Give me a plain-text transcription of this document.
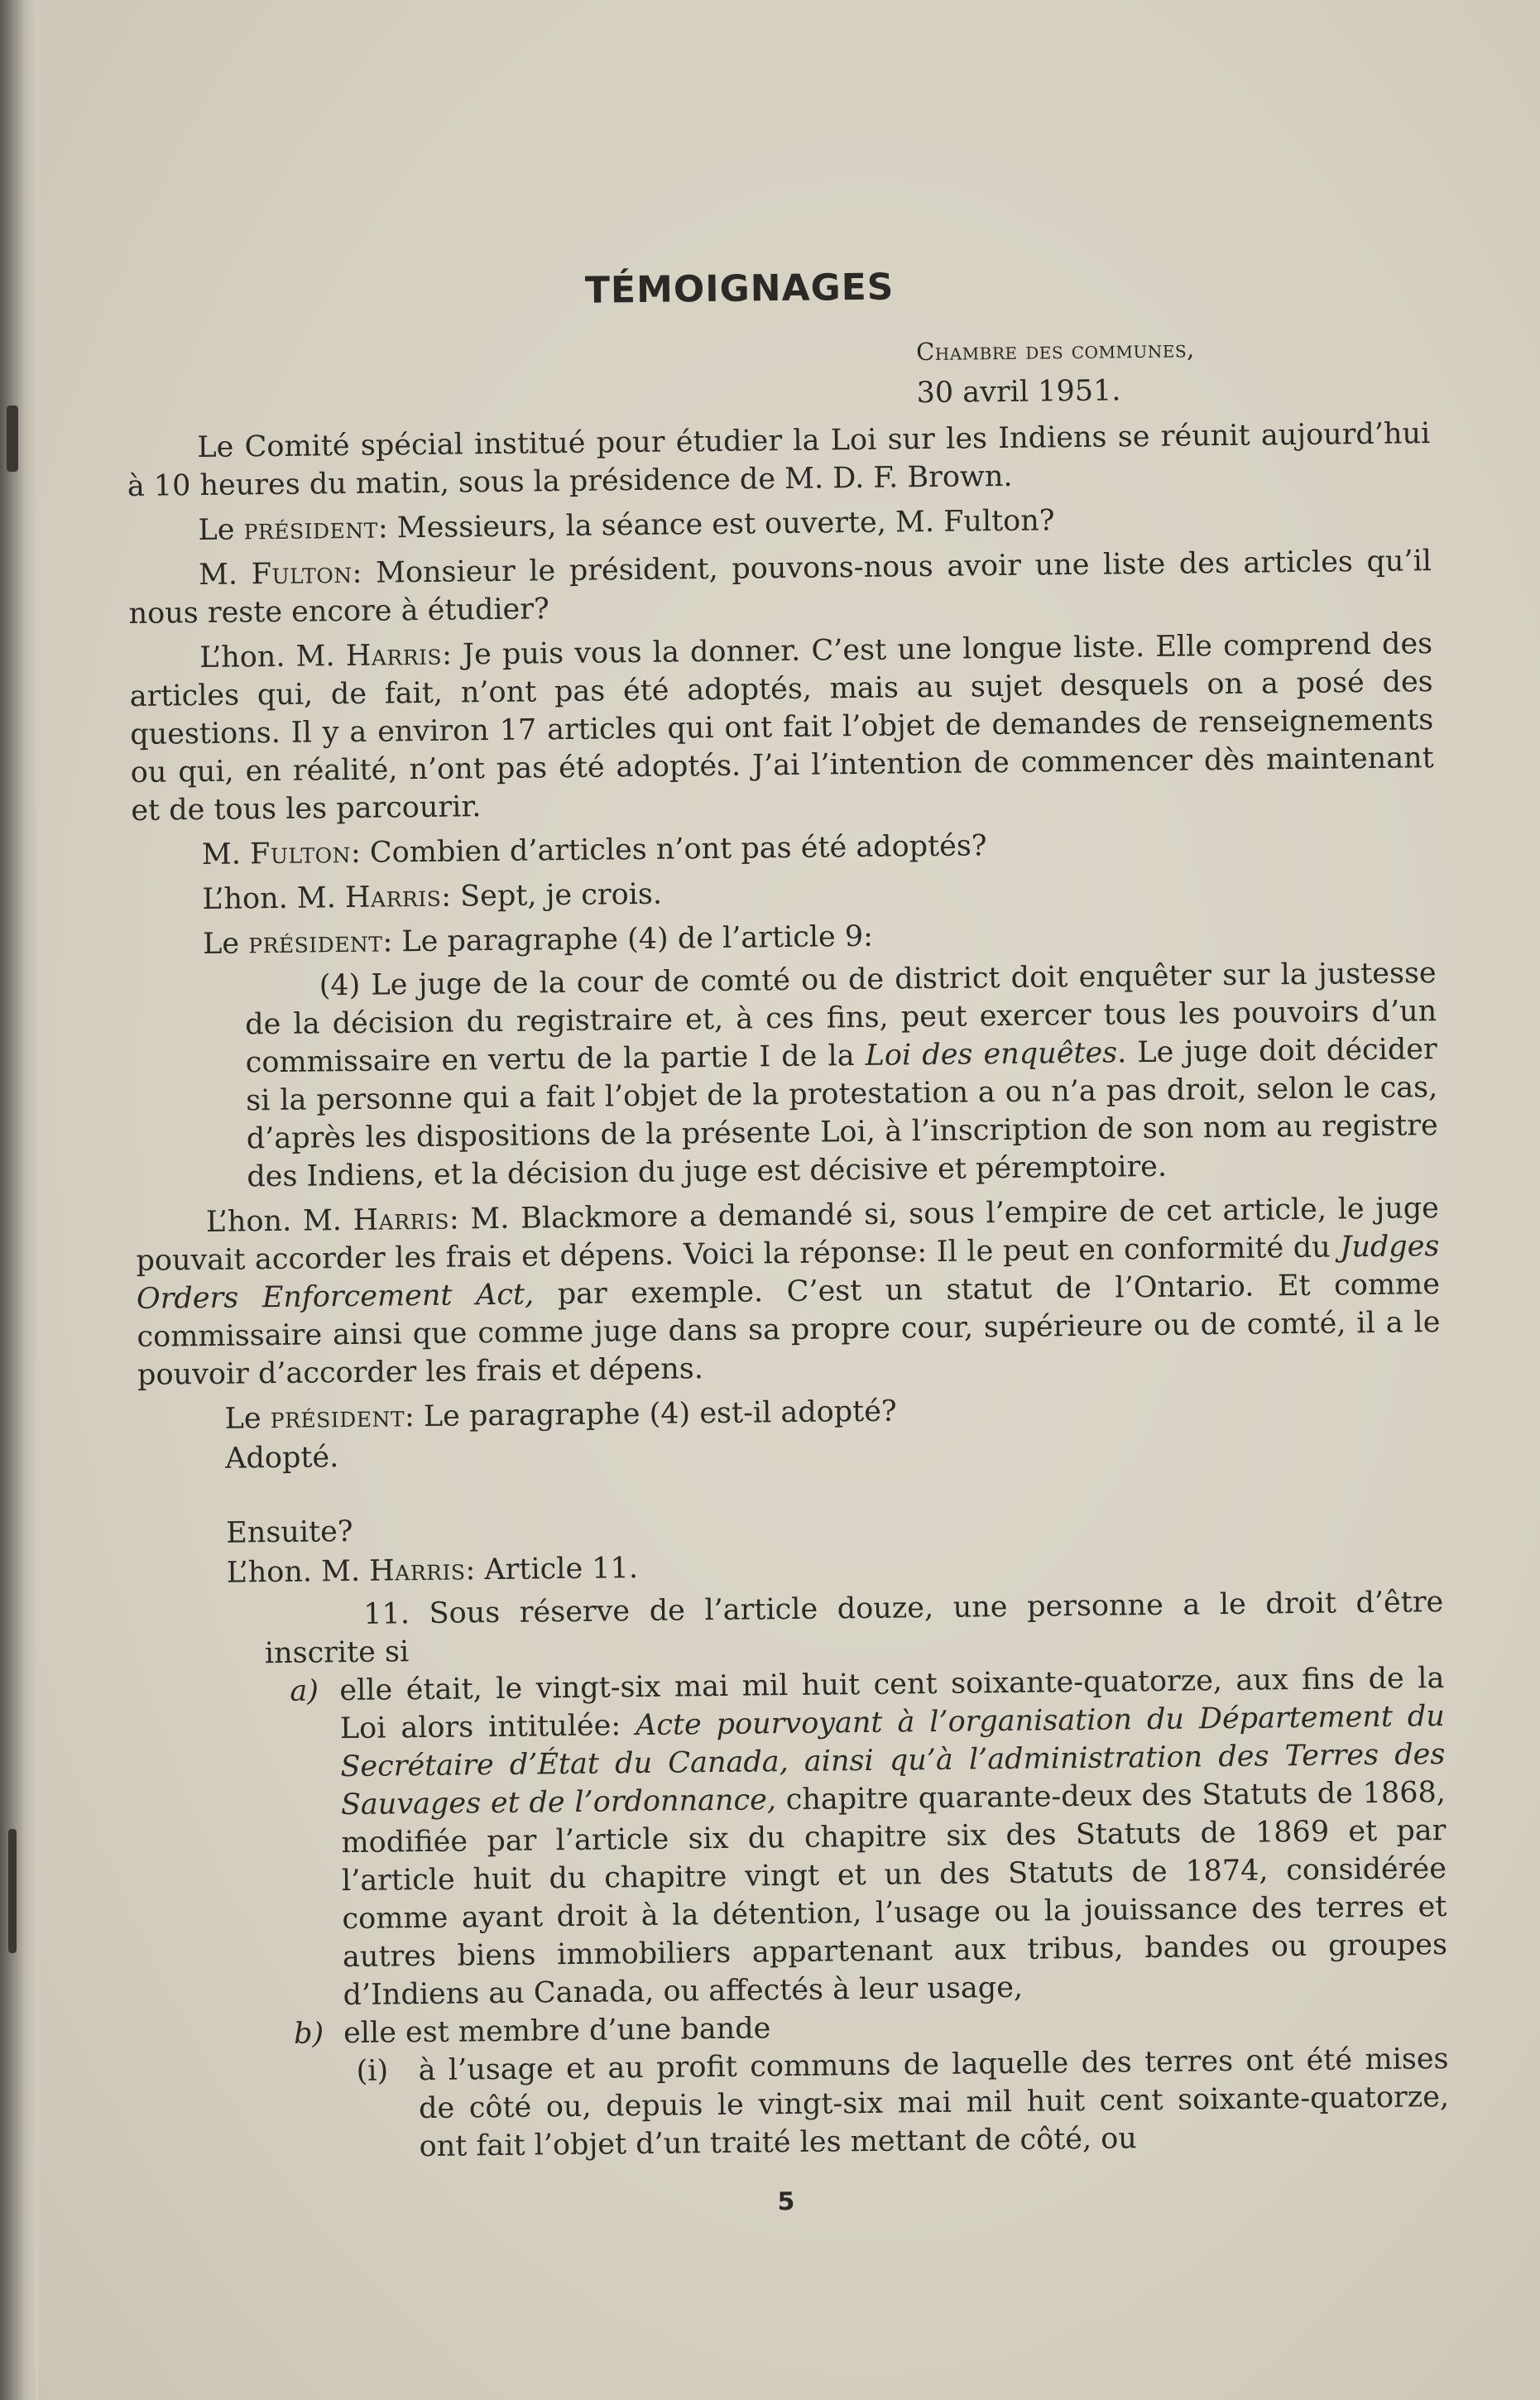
TÉMOIGNAGES
Chambre des communes,
30 avril 1951.

Le Comité spécial institué pour étudier la Loi sur les Indiens se réunit aujourd’hui à 10 heures du matin, sous la présidence de M. D. F. Brown.

Le président: Messieurs, la séance est ouverte, M. Fulton?

M. Fulton: Monsieur le président, pouvons-nous avoir une liste des articles qu’il nous reste encore à étudier?

L’hon. M. Harris: Je puis vous la donner. C’est une longue liste. Elle comprend des articles qui, de fait, n’ont pas été adoptés, mais au sujet desquels on a posé des questions. Il y a environ 17 articles qui ont fait l’objet de demandes de renseignements ou qui, en réalité, n’ont pas été adoptés. J’ai l’intention de commencer dès maintenant et de tous les parcourir.

M. Fulton: Combien d’articles n’ont pas été adoptés?

L’hon. M. Harris: Sept, je crois.

Le président: Le paragraphe (4) de l’article 9:

(4) Le juge de la cour de comté ou de district doit enquêter sur la justesse de la décision du registraire et, à ces fins, peut exercer tous les pouvoirs d’un commissaire en vertu de la partie I de la Loi des enquêtes. Le juge doit décider si la personne qui a fait l’objet de la protestation a ou n’a pas droit, selon le cas, d’après les dispositions de la présente Loi, à l’inscription de son nom au registre des Indiens, et la décision du juge est décisive et péremptoire.

L’hon. M. Harris: M. Blackmore a demandé si, sous l’empire de cet article, le juge pouvait accorder les frais et dépens. Voici la réponse: Il le peut en conformité du Judges Orders Enforcement Act, par exemple. C’est un statut de l’Ontario. Et comme commissaire ainsi que comme juge dans sa propre cour, supérieure ou de comté, il a le pouvoir d’accorder les frais et dépens.

Le président: Le paragraphe (4) est-il adopté?

Adopté.

Ensuite?

L’hon. M. Harris: Article 11.

11. Sous réserve de l’article douze, une personne a le droit d’être inscrite si

a) elle était, le vingt-six mai mil huit cent soixante-quatorze, aux fins de la Loi alors intitulée: Acte pourvoyant à l’organisation du Département du Secrétaire d’État du Canada, ainsi qu’à l’administration des Terres des Sauvages et de l’ordonnance, chapitre quarante-deux des Statuts de 1868, modifiée par l’article six du chapitre six des Statuts de 1869 et par l’article huit du chapitre vingt et un des Statuts de 1874, considérée comme ayant droit à la détention, l’usage ou la jouissance des terres et autres biens immobiliers appartenant aux tribus, bandes ou groupes d’Indiens au Canada, ou affectés à leur usage,

b) elle est membre d’une bande

(i) à l’usage et au profit communs de laquelle des terres ont été mises de côté ou, depuis le vingt-six mai mil huit cent soixante-quatorze, ont fait l’objet d’un traité les mettant de côté, ou

5
